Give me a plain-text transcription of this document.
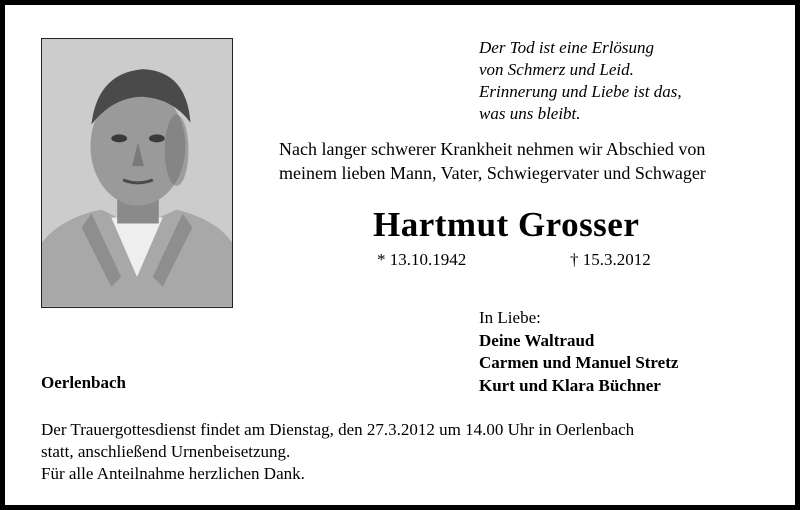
Der Tod ist eine Erlösung
von Schmerz und Leid.
Erinnerung und Liebe ist das,
was uns bleibt.
Nach langer schwerer Krankheit nehmen wir Abschied von
meinem lieben Mann, Vater, Schwiegervater und Schwager
Hartmut Grosser
* 13.10.1942	† 15.3.2012
In Liebe:
Deine Waltraud
Carmen und Manuel Stretz
Kurt und Klara Büchner
Oerlenbach
Der Trauergottesdienst findet am Dienstag, den 27.3.2012 um 14.00 Uhr in Oerlenbach
statt, anschließend Urnenbeisetzung.
Für alle Anteilnahme herzlichen Dank.
